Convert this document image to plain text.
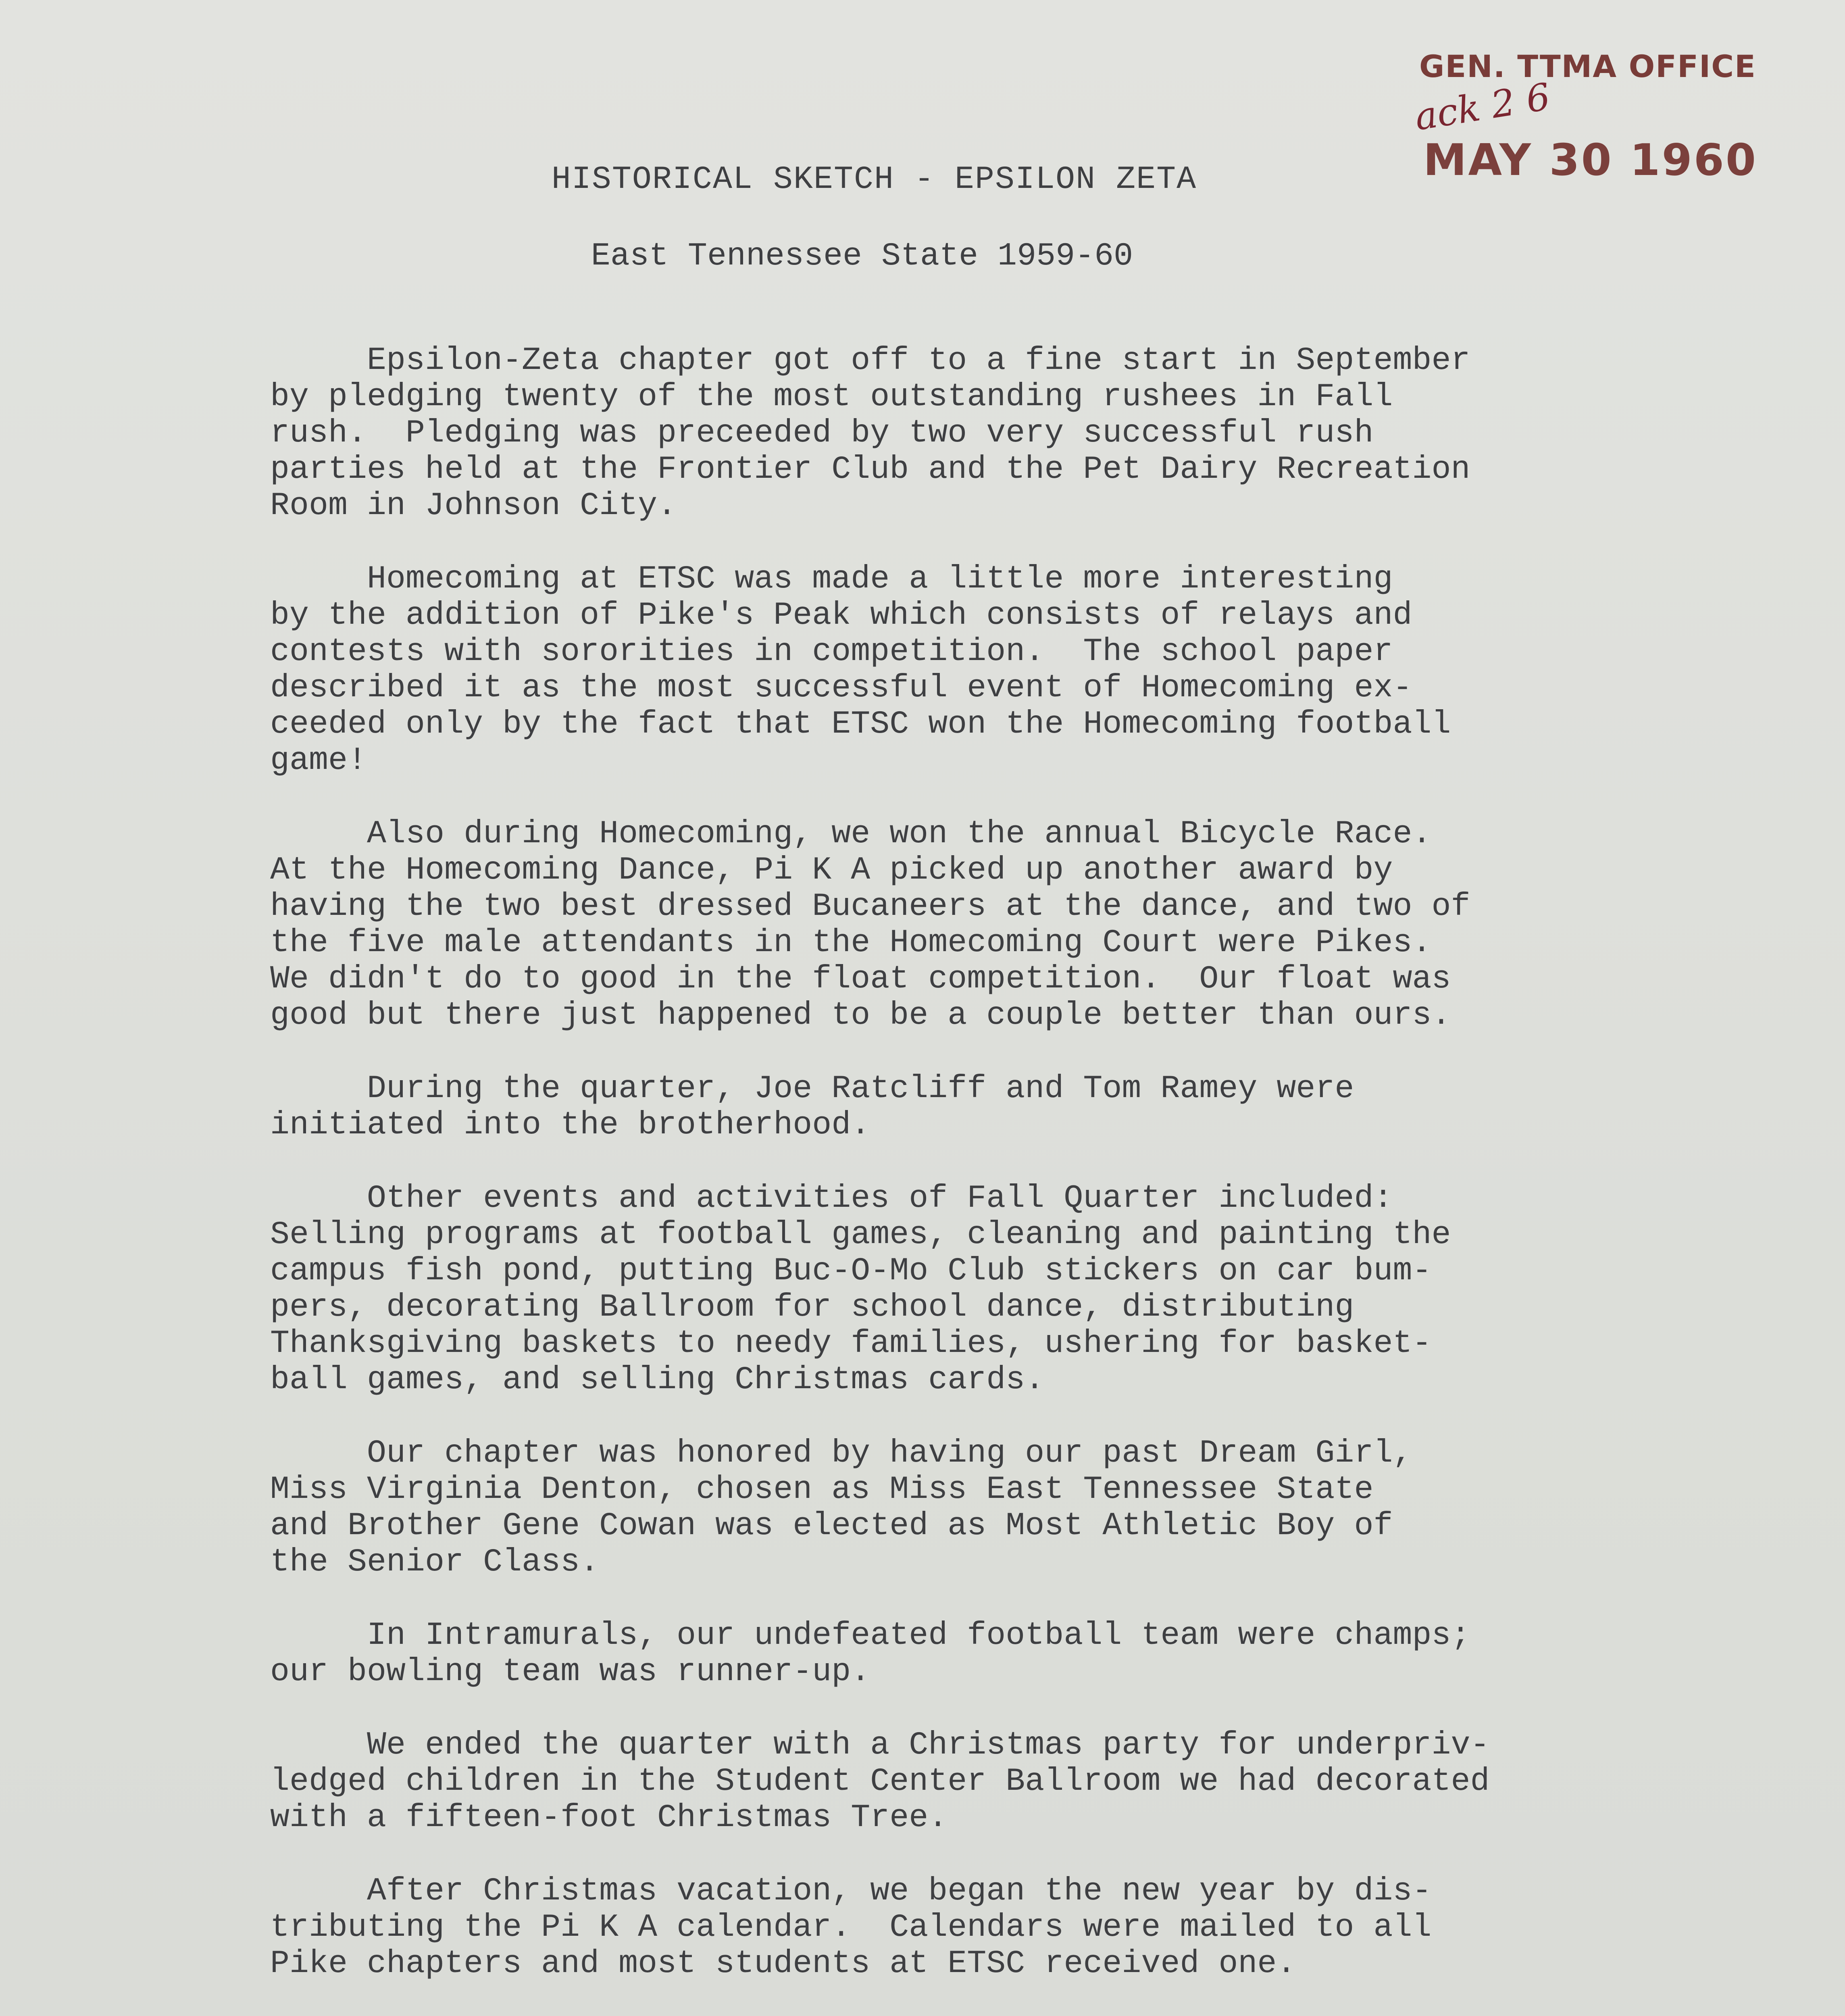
GEN. TTMA OFFICE
ack 2 6
MAY 30 1960
HISTORICAL SKETCH - EPSILON ZETA
East Tennessee State 1959-60

Epsilon-Zeta chapter got off to a fine start in September
by pledging twenty of the most outstanding rushees in Fall
rush.  Pledging was preceeded by two very successful rush
parties held at the Frontier Club and the Pet Dairy Recreation
Room in Johnson City.

Homecoming at ETSC was made a little more interesting
by the addition of Pike's Peak which consists of relays and
contests with sororities in competition.  The school paper
described it as the most successful event of Homecoming ex-
ceeded only by the fact that ETSC won the Homecoming football
game!

Also during Homecoming, we won the annual Bicycle Race.
At the Homecoming Dance, Pi K A picked up another award by
having the two best dressed Bucaneers at the dance, and two of
the five male attendants in the Homecoming Court were Pikes.
We didn't do to good in the float competition.  Our float was
good but there just happened to be a couple better than ours.

During the quarter, Joe Ratcliff and Tom Ramey were
initiated into the brotherhood.

Other events and activities of Fall Quarter included:
Selling programs at football games, cleaning and painting the
campus fish pond, putting Buc-O-Mo Club stickers on car bum-
pers, decorating Ballroom for school dance, distributing
Thanksgiving baskets to needy families, ushering for basket-
ball games, and selling Christmas cards.

Our chapter was honored by having our past Dream Girl,
Miss Virginia Denton, chosen as Miss East Tennessee State
and Brother Gene Cowan was elected as Most Athletic Boy of
the Senior Class.

In Intramurals, our undefeated football team were champs;
our bowling team was runner-up.

We ended the quarter with a Christmas party for underpriv-
ledged children in the Student Center Ballroom we had decorated
with a fifteen-foot Christmas Tree.

After Christmas vacation, we began the new year by dis-
tributing the Pi K A calendar.  Calendars were mailed to all
Pike chapters and most students at ETSC received one.
